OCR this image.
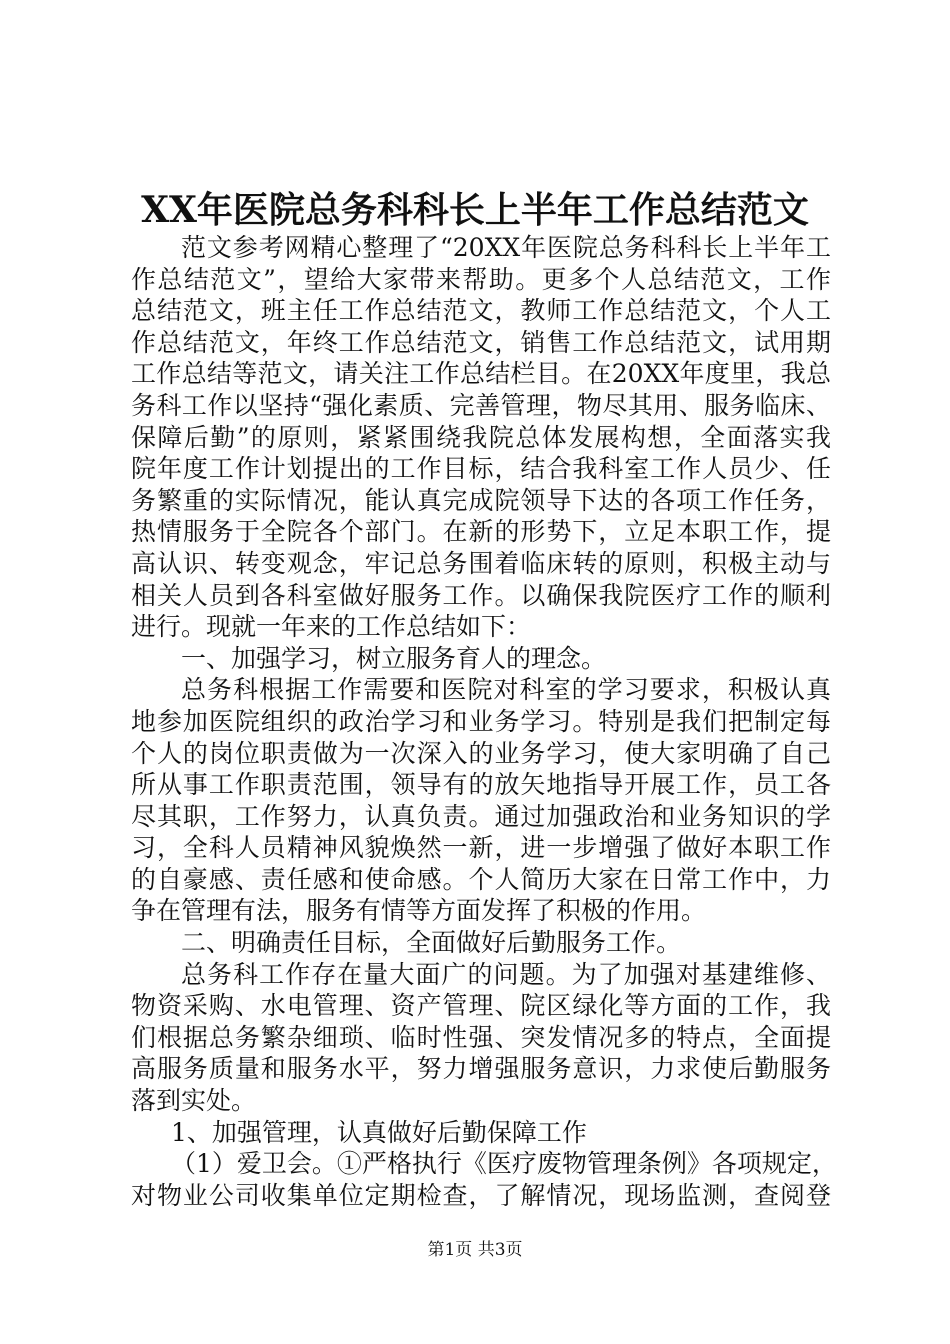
XX年医院总务科科长上半年工作总结范文
范文参考网精心整理了“20XX年医院总务科科长上半年工
作总结范文”，望给大家带来帮助。更多个人总结范文，工作
总结范文，班主任工作总结范文，教师工作总结范文，个人工
作总结范文，年终工作总结范文，销售工作总结范文，试用期
工作总结等范文，请关注工作总结栏目。在20XX年度里，我总
务科工作以坚持“强化素质、完善管理，物尽其用、服务临床、
保障后勤”的原则，紧紧围绕我院总体发展构想，全面落实我
院年度工作计划提出的工作目标，结合我科室工作人员少、任
务繁重的实际情况，能认真完成院领导下达的各项工作任务，
热情服务于全院各个部门。在新的形势下，立足本职工作，提
高认识、转变观念，牢记总务围着临床转的原则，积极主动与
相关人员到各科室做好服务工作。以确保我院医疗工作的顺利
进行。现就一年来的工作总结如下：
一、加强学习，树立服务育人的理念。
总务科根据工作需要和医院对科室的学习要求，积极认真
地参加医院组织的政治学习和业务学习。特别是我们把制定每
个人的岗位职责做为一次深入的业务学习，使大家明确了自己
所从事工作职责范围，领导有的放矢地指导开展工作，员工各
尽其职，工作努力，认真负责。通过加强政治和业务知识的学
习，全科人员精神风貌焕然一新，进一步增强了做好本职工作
的自豪感、责任感和使命感。个人简历大家在日常工作中，力
争在管理有法，服务有情等方面发挥了积极的作用。
二、明确责任目标，全面做好后勤服务工作。
总务科工作存在量大面广的问题。为了加强对基建维修、
物资采购、水电管理、资产管理、院区绿化等方面的工作，我
们根据总务繁杂细琐、临时性强、突发情况多的特点，全面提
高服务质量和服务水平，努力增强服务意识，力求使后勤服务
落到实处。
1、加强管理，认真做好后勤保障工作
（1）爱卫会。①严格执行《医疗废物管理条例》各项规定，
对物业公司收集单位定期检查，了解情况，现场监测，查阅登
第1页 共3页
